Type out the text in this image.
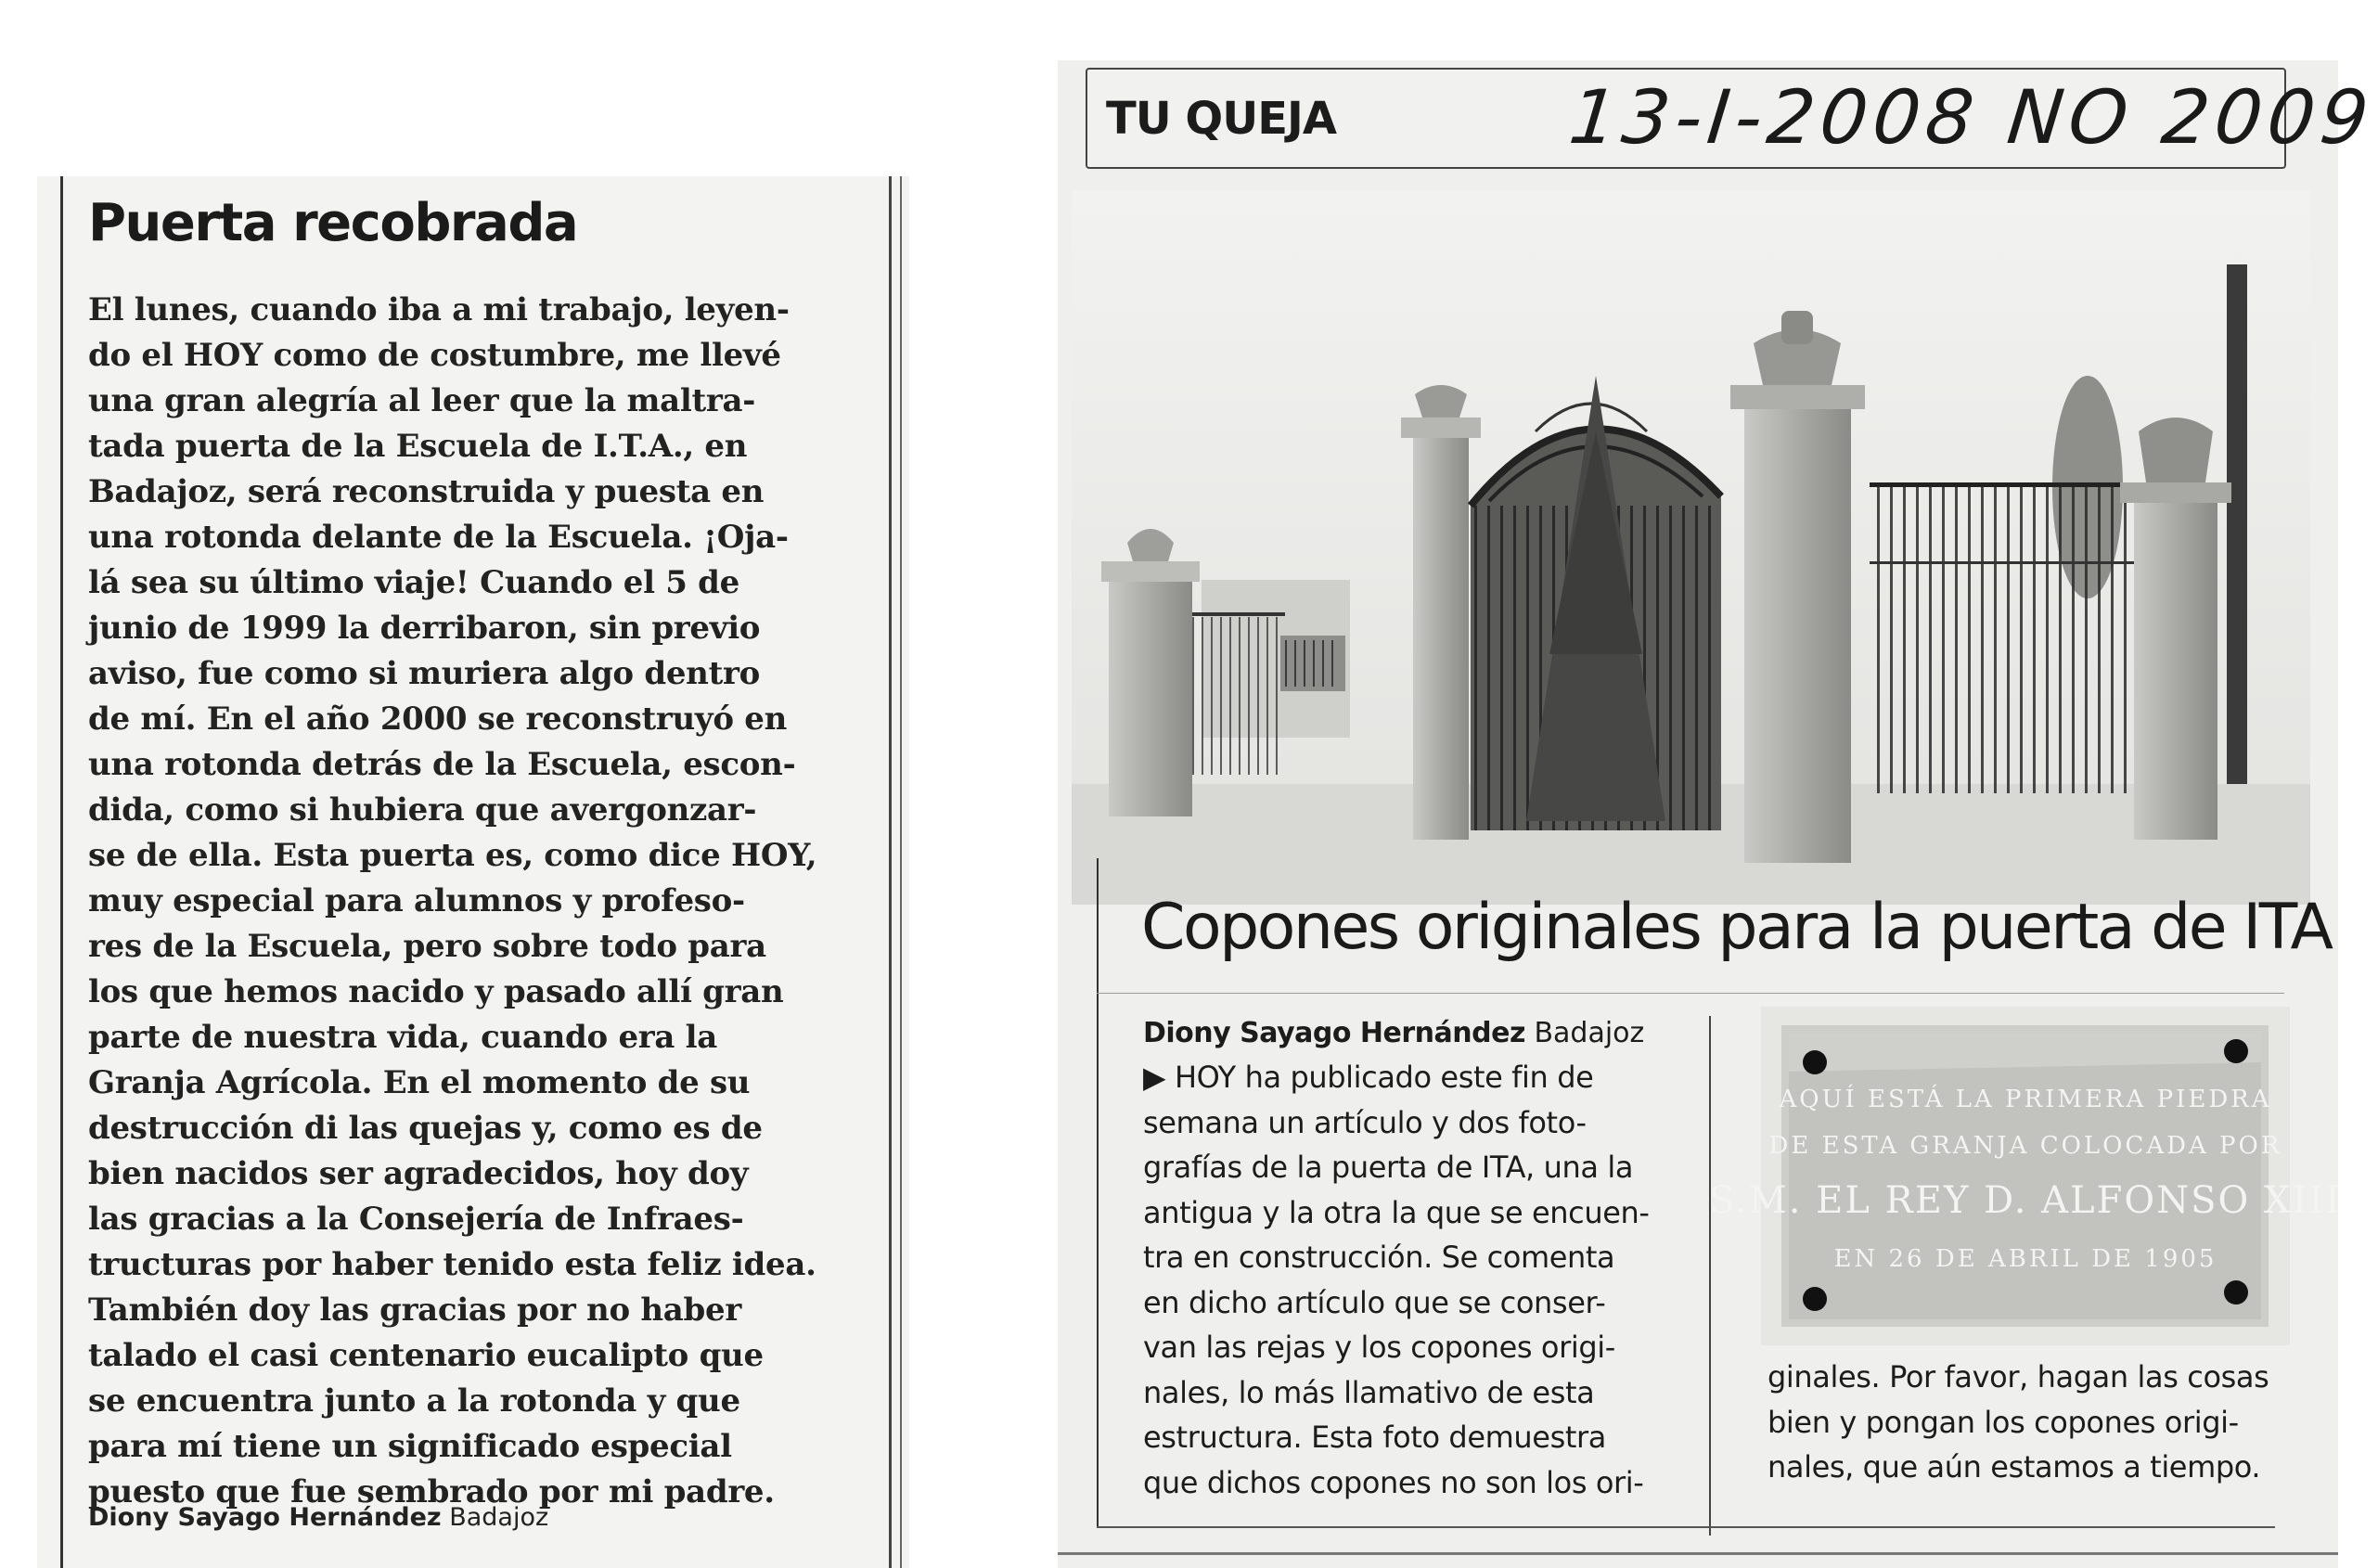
Puerta recobrada
El lunes, cuando iba a mi trabajo, leyen-
do el HOY como de costumbre, me llevé
una gran alegría al leer que la maltra-
tada puerta de la Escuela de I.T.A., en
Badajoz, será reconstruida y puesta en
una rotonda delante de la Escuela. ¡Oja-
lá sea su último viaje! Cuando el 5 de
junio de 1999 la derribaron, sin previo
aviso, fue como si muriera algo dentro
de mí. En el año 2000 se reconstruyó en
una rotonda detrás de la Escuela, escon-
dida, como si hubiera que avergonzar-
se de ella. Esta puerta es, como dice HOY,
muy especial para alumnos y profeso-
res de la Escuela, pero sobre todo para
los que hemos nacido y pasado allí gran
parte de nuestra vida, cuando era la
Granja Agrícola. En el momento de su
destrucción di las quejas y, como es de
bien nacidos ser agradecidos, hoy doy
las gracias a la Consejería de Infraes-
tructuras por haber tenido esta feliz idea.
También doy las gracias por no haber
talado el casi centenario eucalipto que
se encuentra junto a la rotonda y que
para mí tiene un significado especial
puesto que fue sembrado por mi padre.
Diony Sayago Hernández Badajoz
TU QUEJA	13-I-2008 NO 2009
Copones originales para la puerta de ITA
Diony Sayago Hernández Badajoz
▶ HOY ha publicado este fin de
semana un artículo y dos foto-
grafías de la puerta de ITA, una la
antigua y la otra la que se encuen-
tra en construcción. Se comenta
en dicho artículo que se conser-
van las rejas y los copones origi-
nales, lo más llamativo de esta
estructura. Esta foto demuestra
que dichos copones no son los ori-
AQUÍ ESTÁ LA PRIMERA PIEDRA
DE ESTA GRANJA COLOCADA POR
S.M. EL REY D. ALFONSO XIII
EN 26 DE ABRIL DE 1905
ginales. Por favor, hagan las cosas
bien y pongan los copones origi-
nales, que aún estamos a tiempo.
